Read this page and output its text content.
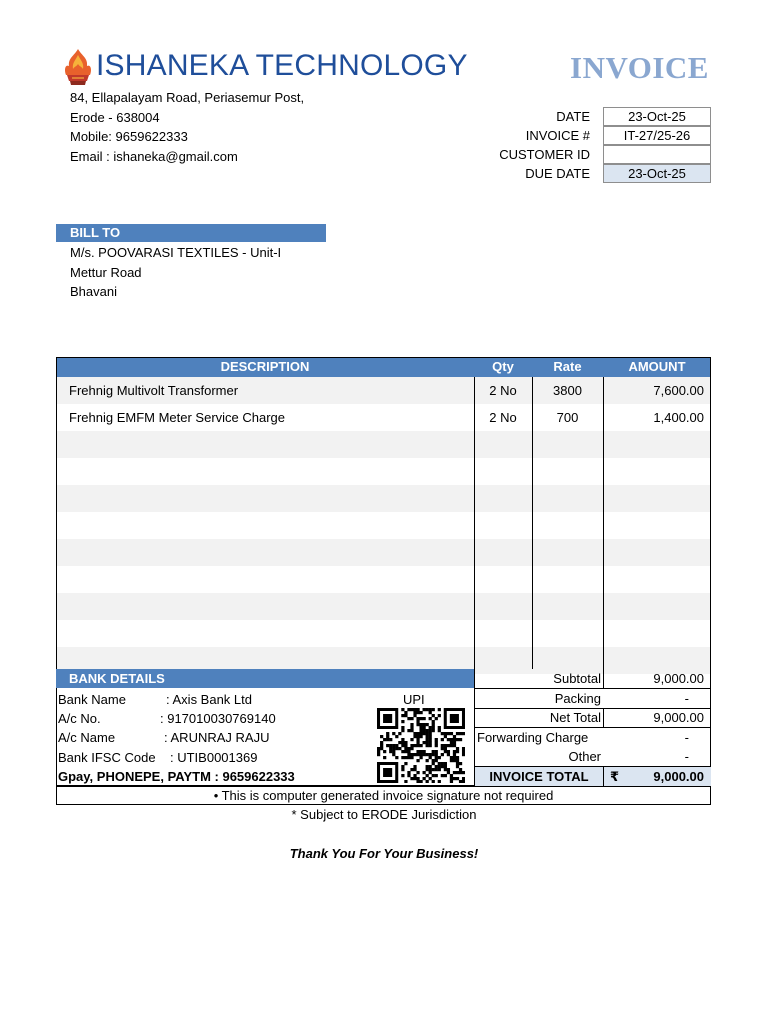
ISHANEKA TECHNOLOGY	INVOICE
84, Ellapalayam Road, Periasemur Post,
Erode - 638004
Mobile: 9659622333
Email : ishaneka@gmail.com
DATE	23-Oct-25
INVOICE #	IT-27/25-26
CUSTOMER ID
DUE DATE	23-Oct-25
BILL TO
M/s. POOVARASI TEXTILES - Unit-I
Mettur Road
Bhavani
DESCRIPTION	Qty	Rate	AMOUNT
Frehnig Multivolt Transformer	2 No	3800	7,600.00
Frehnig EMFM Meter Service Charge	2 No	700	1,400.00
BANK DETAILS
UPI
Bank Name	: Axis Bank Ltd
A/c No.	: 917010030769140
A/c Name	: ARUNRAJ RAJU
Bank IFSC Code : UTIB0001369
Gpay, PHONEPE, PAYTM : 9659622333
Subtotal	9,000.00
Packing	-
Net Total	9,000.00
Forwarding Charge	-
Other	-
INVOICE TOTAL	₹	9,000.00
• This is computer generated invoice signature not required
* Subject to ERODE Jurisdiction
Thank You For Your Business!
